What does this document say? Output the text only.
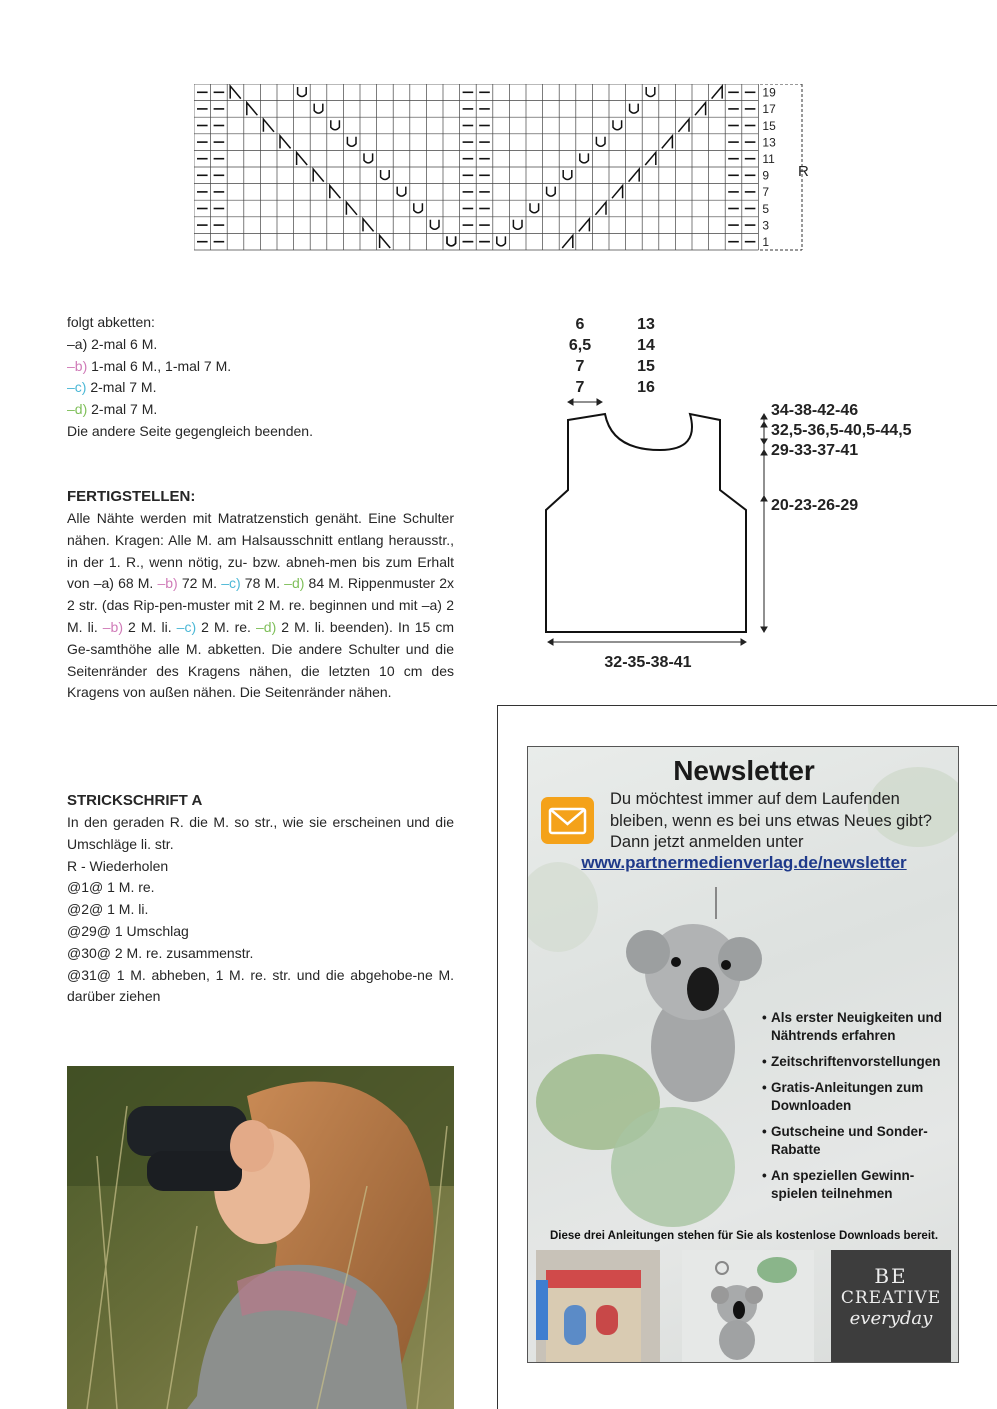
19
17
15
13
11
9
7
5
3
1
R

folgt abketten:

–a) 2-mal 6 M.

–b) 1-mal 6 M., 1-mal 7 M.

–c) 2-mal 7 M.

–d) 2-mal 7 M.

Die andere Seite gegengleich beenden.

FERTIGSTELLEN:

Alle Nähte werden mit Matratzenstich genäht. Eine Schulter nähen. Kragen: Alle M. am Halsausschnitt entlang herausstr., in der 1. R., wenn nötig, zu- bzw. abneh-men bis zum Erhalt von –a) 68 M. –b) 72 M. –c) 78 M. –d) 84 M. Rippenmuster 2x 2 str. (das Rip-pen-muster mit 2 M. re. beginnen und mit –a) 2 M. li. –b) 2 M. li. –c) 2 M. re. –d) 2 M. li. beenden). In 15 cm Ge-samthöhe alle M. abketten. Die andere Schulter und die Seitenränder des Kragens nähen, die letzten 10 cm des Kragens von außen nähen. Die Seitenränder nähen.

STRICKSCHRIFT A

In den geraden R. die M. so str., wie sie erscheinen und die Umschläge li. str.

R - Wiederholen

@1@ 1 M. re.

@2@ 1 M. li.

@29@ 1 Umschlag

@30@ 2 M. re. zusammenstr.

@31@ 1 M. abheben, 1 M. re. str. und die abgehobe-ne M. darüber ziehen

6
6,5
7
7
13
14
15
16
34-38-42-46
32,5-36,5-40,5-44,5
29-33-37-41
20-23-26-29
32-35-38-41
Newsletter
Du möchtest immer auf dem Laufenden
bleiben, wenn es bei uns etwas Neues gibt?
Dann jetzt anmelden unter
www.partnermedienverlag.de/newsletter
• Als erster Neuigkeiten und Nähtrends erfahren
• Zeitschriftenvorstellungen
• Gratis-Anleitungen zum Downloaden
• Gutscheine und Sonder-Rabatte
• An speziellen Gewinn-spielen teilnehmen
Diese drei Anleitungen stehen für Sie als kostenlose Downloads bereit.
BE
CREATIVE
everyday
